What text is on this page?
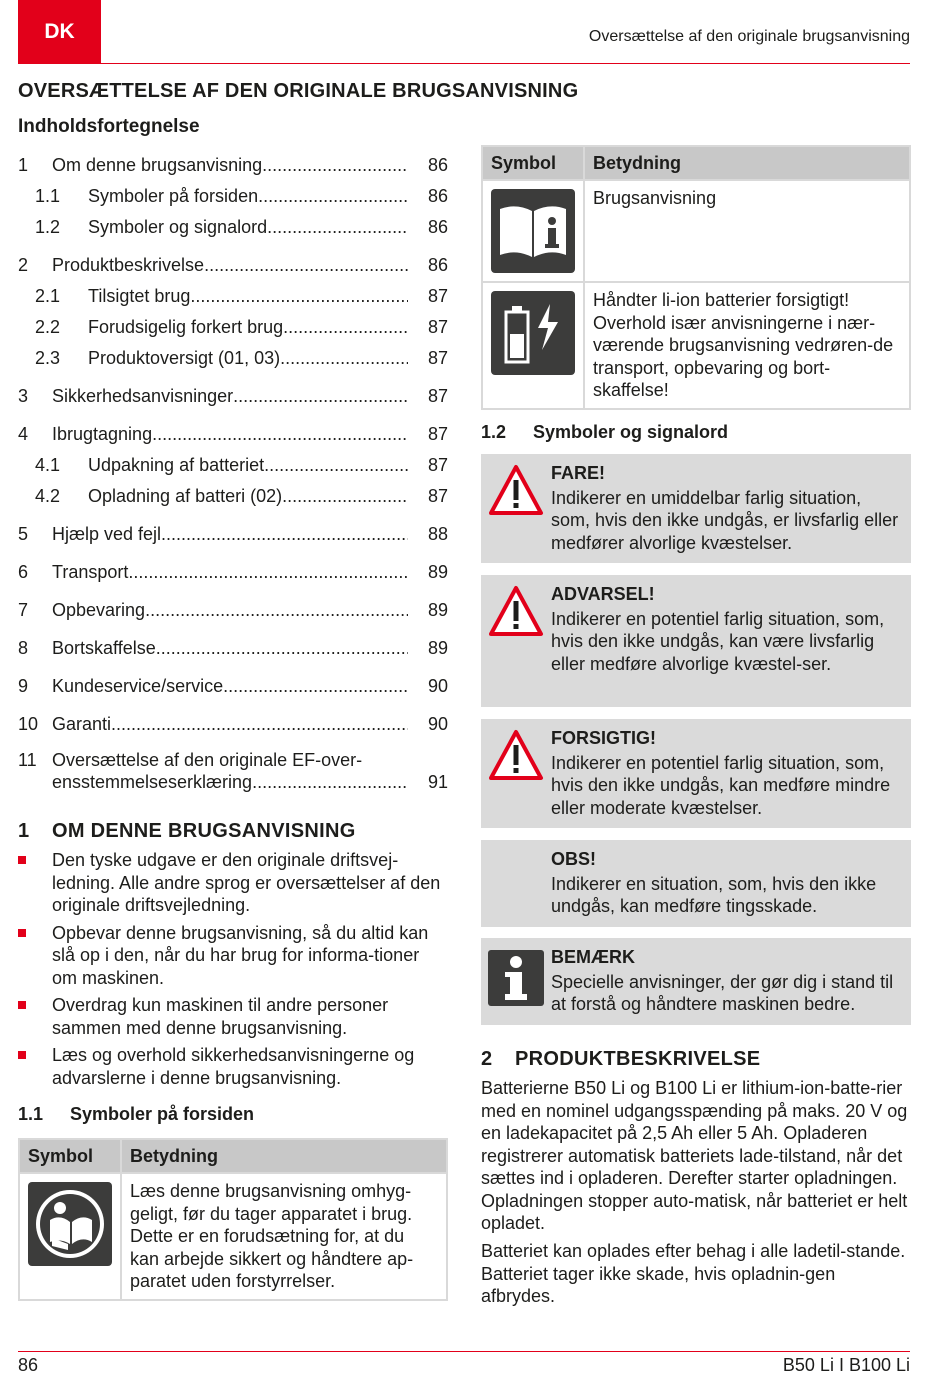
DK	Oversættelse af den originale brugsanvisning
OVERSÆTTELSE AF DEN ORIGINALE BRUGSANVISNING
Indholdsfortegnelse
1	Om denne brugsanvisning .....	86
1.1	Symboler på forsiden .....	86
1.2	Symboler og signalord .....	86
2	Produktbeskrivelse .....	86
2.1	Tilsigtet brug .....	87
2.2	Forudsigelig forkert brug .....	87
2.3	Produktoversigt (01, 03) .....	87
3	Sikkerhedsanvisninger .....	87
4	Ibrugtagning .....	87
4.1	Udpakning af batteriet .....	87
4.2	Opladning af batteri (02) .....	87
5	Hjælp ved fejl .....	88
6	Transport .....	89
7	Opbevaring .....	89
8	Bortskaffelse .....	89
9	Kundeservice/service .....	90
10 Garanti .....	90
11 Oversættelse af den originale EF-over-
ensstemmelseserklæring .....	91
1 OM DENNE BRUGSANVISNING
Den tyske udgave er den originale driftsvej-ledning. Alle andre sprog er oversættelser af den originale driftsvejledning.
Opbevar denne brugsanvisning, så du altid kan slå op i den, når du har brug for informa-tioner om maskinen.
Overdrag kun maskinen til andre personer sammen med denne brugsanvisning.
Læs og overhold sikkerhedsanvisningerne og advarslerne i denne brugsanvisning.
1.1 Symboler på forsiden
Symbol	Betydning

	Læs denne brugsanvisning omhyg-geligt, før du tager apparatet i brug. Dette er en forudsætning for, at du kan arbejde sikkert og håndtere ap-paratet uden forstyrrelser.
Symbol	Betydning

	Brugsanvisning

	Håndter li-ion batterier forsigtigt! Overhold især anvisningerne i nær-værende brugsanvisning vedrøren-de transport, opbevaring og bort-skaffelse!
1.2 Symboler og signalord
FARE!
Indikerer en umiddelbar farlig situation, som, hvis den ikke undgås, er livsfarlig eller medfører alvorlige kvæstelser.
ADVARSEL!
Indikerer en potentiel farlig situation, som, hvis den ikke undgås, kan være livsfarlig eller medføre alvorlige kvæstel-ser.
FORSIGTIG!
Indikerer en potentiel farlig situation, som, hvis den ikke undgås, kan medføre mindre eller moderate kvæstelser.
OBS!
Indikerer en situation, som, hvis den ikke undgås, kan medføre tingsskade.
BEMÆRK
Specielle anvisninger, der gør dig i stand til at forstå og håndtere maskinen bedre.
2 PRODUKTBESKRIVELSE
Batterierne B50 Li og B100 Li er lithium-ion-batte-rier med en nominel udgangsspænding på maks. 20 V og en ladekapacitet på 2,5 Ah eller 5 Ah. Opladeren registrerer automatisk batteriets lade-tilstand, når det sættes ind i opladeren. Derefter starter opladningen. Opladningen stopper auto-matisk, når batteriet er helt opladet.
Batteriet kan oplades efter behag i alle ladetil-stande. Batteriet tager ikke skade, hvis opladnin-gen afbrydes.
86	B50 Li I B100 Li
